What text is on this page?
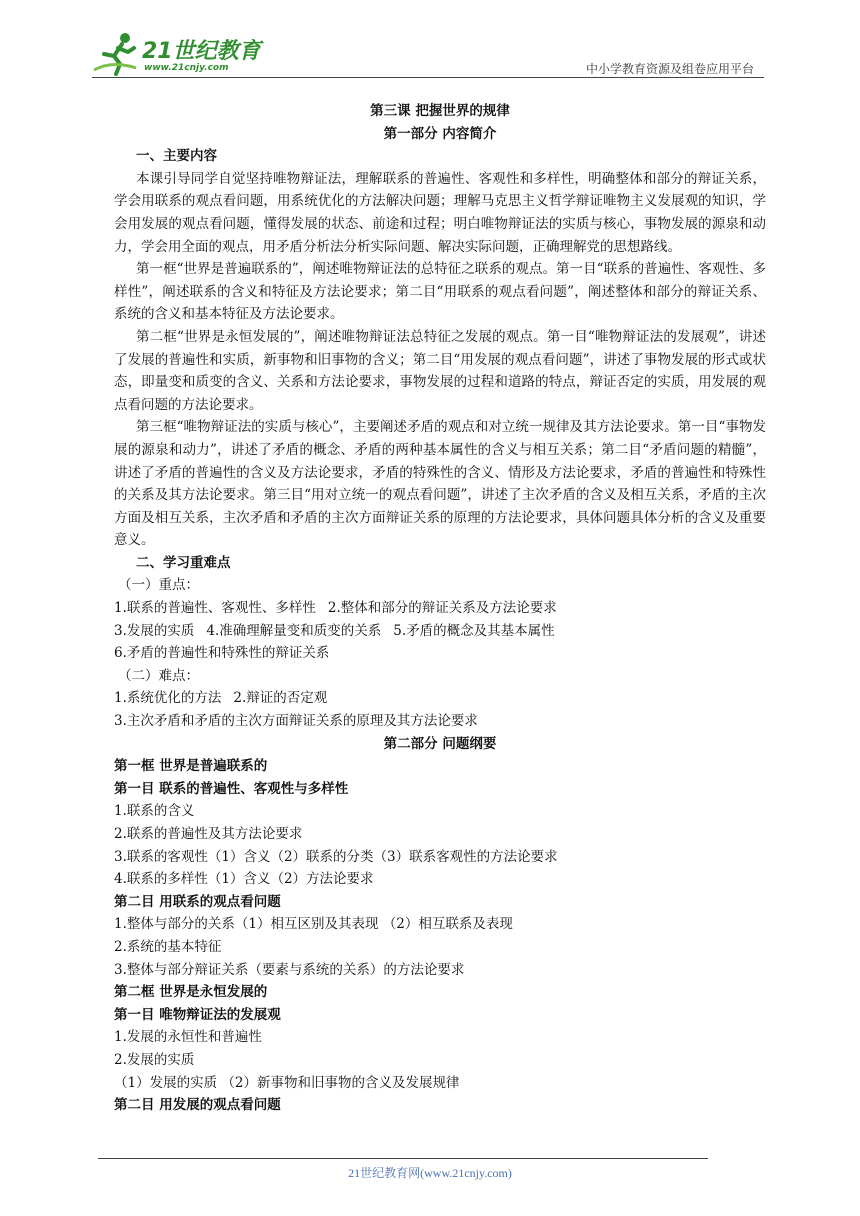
21世纪教育
www.21cnjy.com	中小学教育资源及组卷应用平台
第三课 把握世界的规律
第一部分 内容简介
一、主要内容
本课引导同学自觉坚持唯物辩证法，理解联系的普遍性、客观性和多样性，明确整体和部分的辩证关系，学会用联系的观点看问题，用系统优化的方法解决问题；理解马克思主义哲学辩证唯物主义发展观的知识，学会用发展的观点看问题，懂得发展的状态、前途和过程；明白唯物辩证法的实质与核心，事物发展的源泉和动力，学会用全面的观点，用矛盾分析法分析实际问题、解决实际问题，正确理解党的思想路线。
第一框“世界是普遍联系的”，阐述唯物辩证法的总特征之联系的观点。第一目“联系的普遍性、客观性、多样性”，阐述联系的含义和特征及方法论要求；第二目“用联系的观点看问题”，阐述整体和部分的辩证关系、系统的含义和基本特征及方法论要求。
第二框“世界是永恒发展的”，阐述唯物辩证法总特征之发展的观点。第一目“唯物辩证法的发展观”，讲述了发展的普遍性和实质，新事物和旧事物的含义；第二目“用发展的观点看问题”，讲述了事物发展的形式或状态，即量变和质变的含义、关系和方法论要求，事物发展的过程和道路的特点，辩证否定的实质，用发展的观点看问题的方法论要求。
第三框“唯物辩证法的实质与核心”，主要阐述矛盾的观点和对立统一规律及其方法论要求。第一目“事物发展的源泉和动力”，讲述了矛盾的概念、矛盾的两种基本属性的含义与相互关系；第二目“矛盾问题的精髓”，讲述了矛盾的普遍性的含义及方法论要求，矛盾的特殊性的含义、情形及方法论要求，矛盾的普遍性和特殊性的关系及其方法论要求。第三目“用对立统一的观点看问题”，讲述了主次矛盾的含义及相互关系，矛盾的主次方面及相互关系，主次矛盾和矛盾的主次方面辩证关系的原理的方法论要求，具体问题具体分析的含义及重要意义。
二、学习重难点
（一）重点：
1.联系的普遍性、客观性、多样性 2.整体和部分的辩证关系及方法论要求
3.发展的实质 4.准确理解量变和质变的关系 5.矛盾的概念及其基本属性
6.矛盾的普遍性和特殊性的辩证关系
（二）难点：
1.系统优化的方法 2.辩证的否定观
3.主次矛盾和矛盾的主次方面辩证关系的原理及其方法论要求
第二部分 问题纲要
第一框 世界是普遍联系的
第一目 联系的普遍性、客观性与多样性
1.联系的含义
2.联系的普遍性及其方法论要求
3.联系的客观性（1）含义（2）联系的分类（3）联系客观性的方法论要求
4.联系的多样性（1）含义（2）方法论要求
第二目 用联系的观点看问题
1.整体与部分的关系（1）相互区别及其表现 （2）相互联系及表现
2.系统的基本特征
3.整体与部分辩证关系（要素与系统的关系）的方法论要求
第二框 世界是永恒发展的
第一目 唯物辩证法的发展观
1.发展的永恒性和普遍性
2.发展的实质
（1）发展的实质 （2）新事物和旧事物的含义及发展规律
第二目 用发展的观点看问题
21世纪教育网(www.21cnjy.com)
